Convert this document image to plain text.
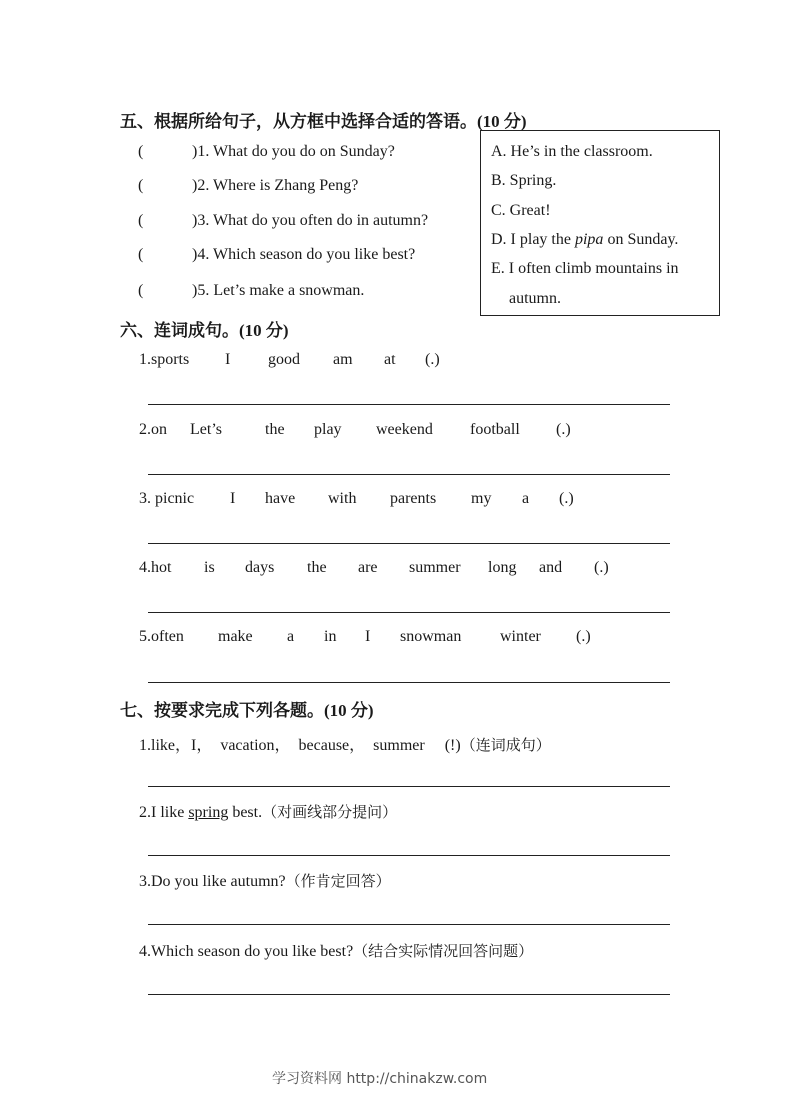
五、根据所给句子，从方框中选择合适的答语。(10 分)
(	)1. What do you do on Sunday?
(	)2. Where is Zhang Peng?
(	)3. What do you often do in autumn?
(	)4. Which season do you like best?
(	)5. Let’s make a snowman.
A. He’s in the classroom.
B. Spring.
C. Great!
D. I play the pipa on Sunday.
E. I often climb mountains in
autumn.
六、连词成句。(10 分)
1.sports I good am at (.)
2.on Let’s	the play weekend football (.)
3. picnic I have with parents my a (.)
4.hot is days the are summer long and (.)
5.often make a in I snowman winter (.)
七、按要求完成下列各题。(10 分)
1.like，I，  vacation，  because，  summer     (!)（连词成句）
2.I like spring best.（对画线部分提问）
3.Do you like autumn?（作肯定回答）
4.Which season do you like best?（结合实际情况回答问题）
学习资料网 http://chinakzw.com
